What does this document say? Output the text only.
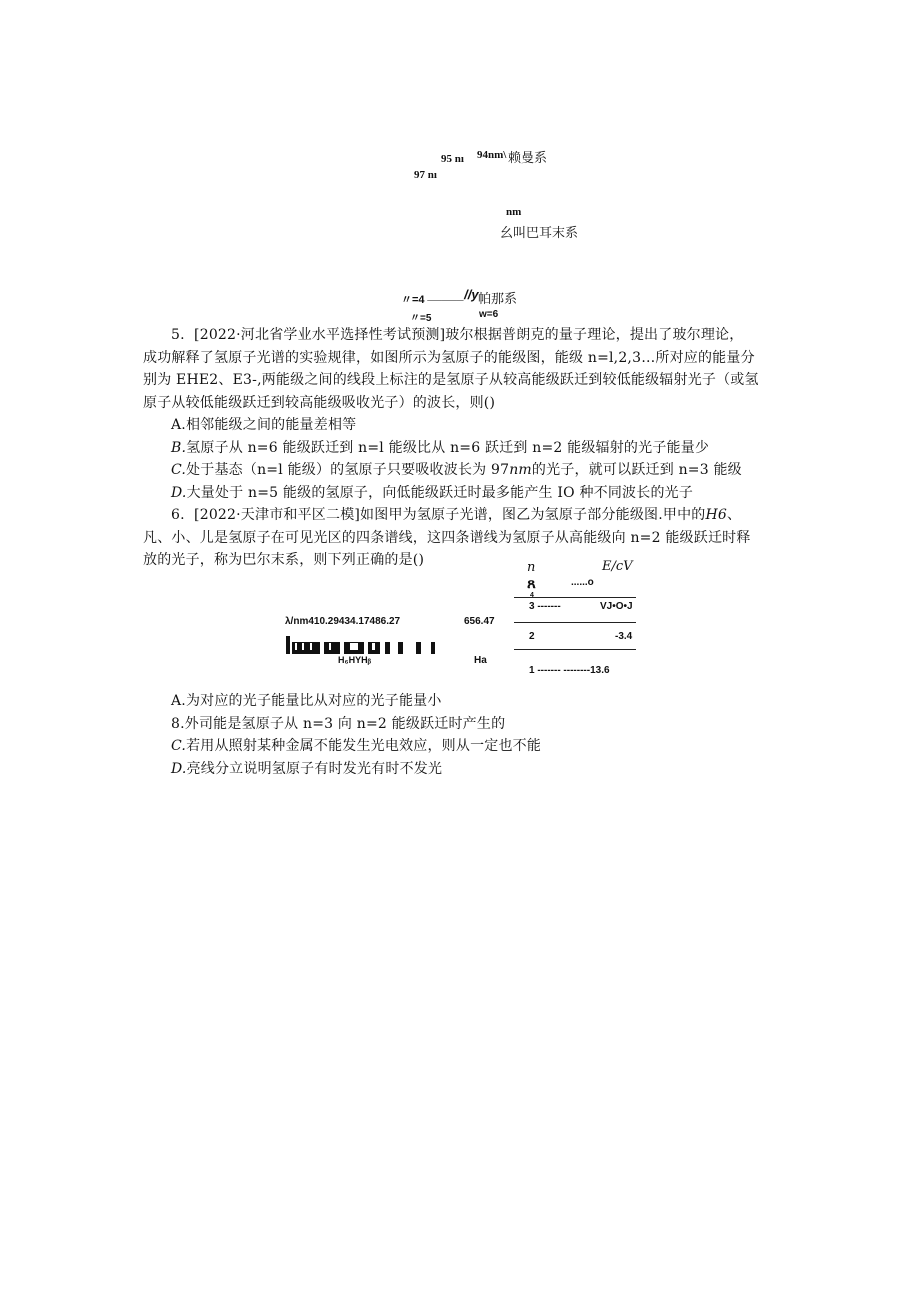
95 nı 94nm\ 赖曼系
97 nı
nm
幺叫巴耳末系
〃=4 _____//y 帕那系
〃=5	w=6
5.  [2022·河北省学业水平选择性考试预测]玻尔根据普朗克的量子理论，提出了玻尔理论，
成功解释了氢原子光谱的实验规律，如图所示为氢原子的能级图，能级 n=l,2,3…所对应的能量分
别为 EHE2、E3-,两能级之间的线段上标注的是氢原子从较高能级跃迁到较低能级辐射光子（或氢
原子从较低能级跃迁到较高能级吸收光子）的波长，则()
A.相邻能级之间的能量差相等
B.氢原子从 n=6 能级跃迁到 n=l 能级比从 n=6 跃迁到 n=2 能级辐射的光子能量少
C.处于基态（n=l 能级）的氢原子只要吸收波长为 97nm的光子，就可以跃迁到 n=3 能级
D.大量处于 n=5 能级的氢原子，向低能级跃迁时最多能产生 IO 种不同波长的光子
6.  [2022·天津市和平区二模]如图甲为氢原子光谱，图乙为氢原子部分能级图.甲中的H6、
凡、小、儿是氢原子在可见光区的四条谱线，这四条谱线为氢原子从高能级向 n=2 能级跃迁时释
放的光子，称为巴尔末系，则下列正确的是()
λ/nm410.29434.17486.27	656.47
H₆HYHᵦ	Ha
n	E/cV
ጸ	......o
4
3 -------	VJ•O•J
2	-3.4
1 ------- --------13.6
A.为对应的光子能量比从对应的光子能量小
8.外司能是氢原子从 n=3 向 n=2 能级跃迁时产生的
C.若用从照射某种金属不能发生光电效应，则从一定也不能
D.亮线分立说明氢原子有时发光有时不发光
